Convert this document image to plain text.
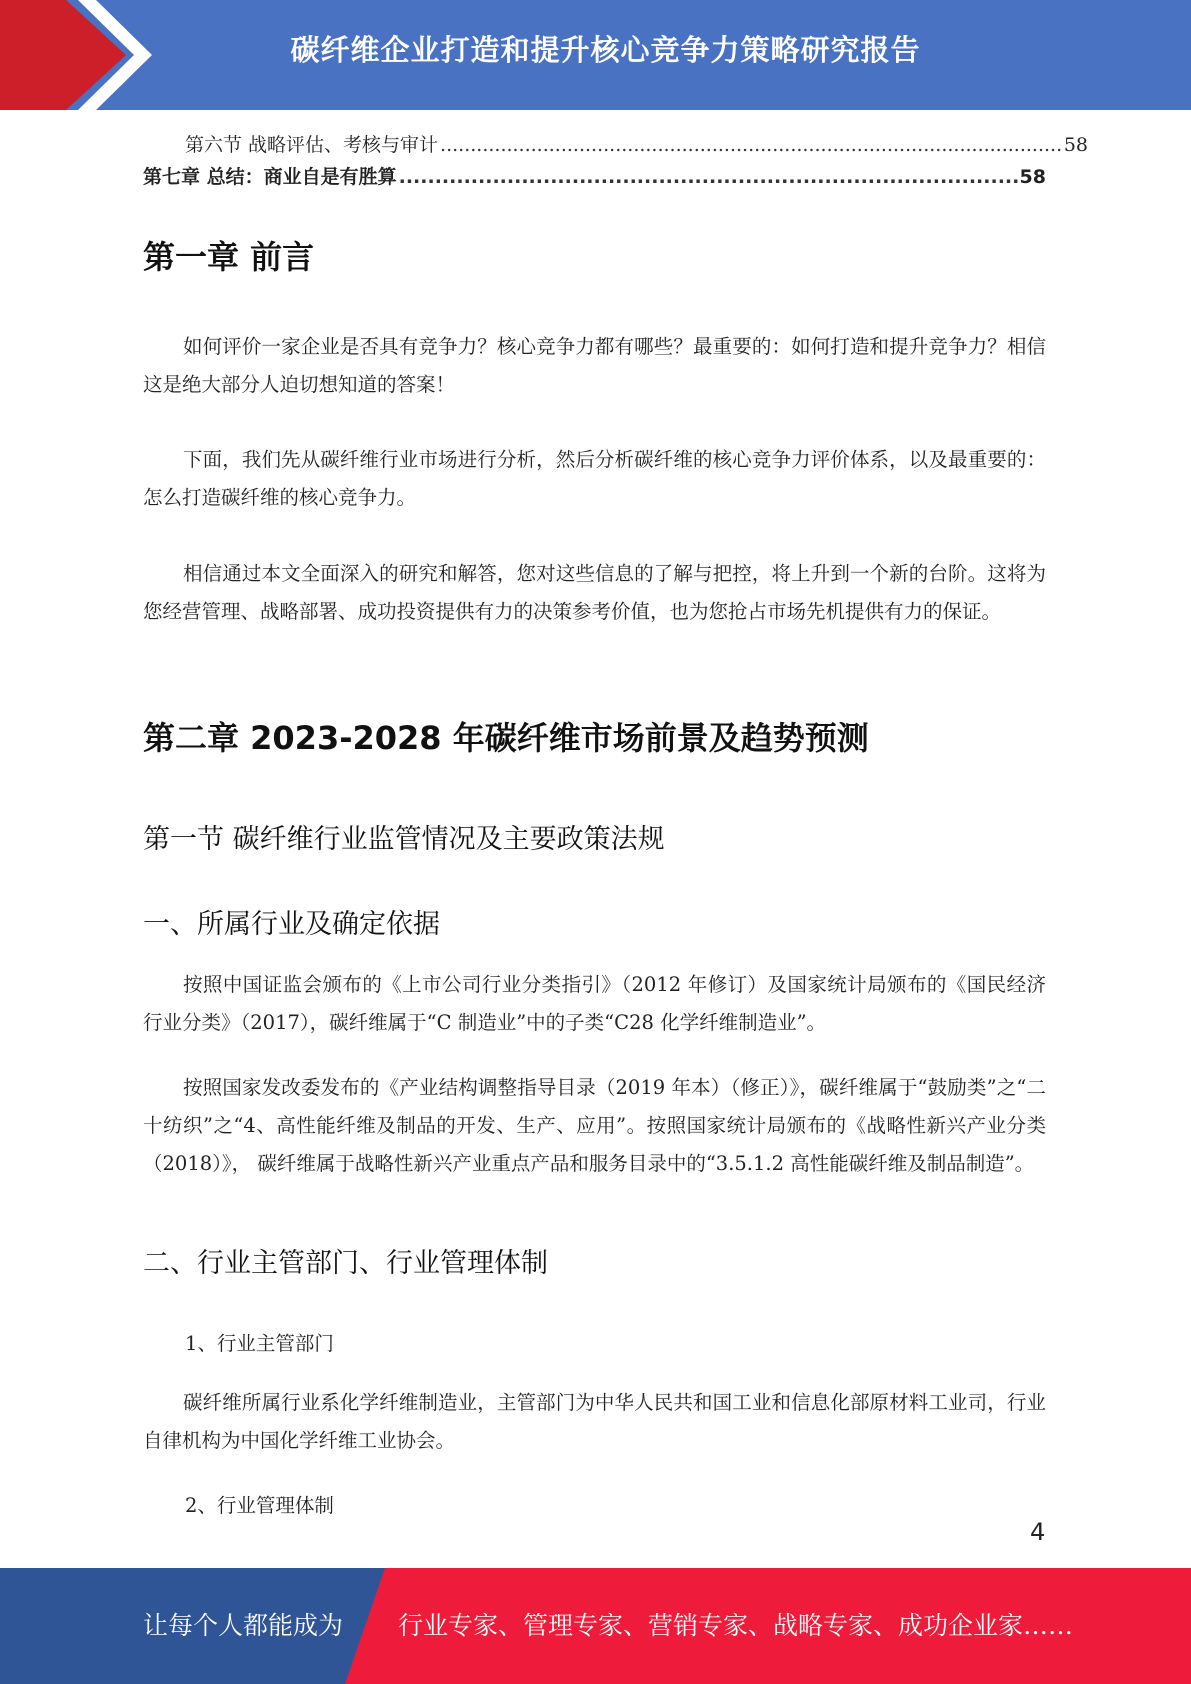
碳纤维企业打造和提升核心竞争力策略研究报告
第六节 战略评估、考核与审计 .....	58
第七章 总结：商业自是有胜算 .....	58
第一章 前言
如何评价一家企业是否具有竞争力？核心竞争力都有哪些？最重要的：如何打造和提升竞争力？相信这是绝大部分人迫切想知道的答案！
下面，我们先从碳纤维行业市场进行分析，然后分析碳纤维的核心竞争力评价体系，以及最重要的：怎么打造碳纤维的核心竞争力。
相信通过本文全面深入的研究和解答，您对这些信息的了解与把控，将上升到一个新的台阶。这将为您经营管理、战略部署、成功投资提供有力的决策参考价值，也为您抢占市场先机提供有力的保证。
第二章 2023-2028 年碳纤维市场前景及趋势预测
第一节 碳纤维行业监管情况及主要政策法规
一、所属行业及确定依据
按照中国证监会颁布的《上市公司行业分类指引》（2012 年修订）及国家统计局颁布的《国民经济行业分类》（2017），碳纤维属于“C 制造业”中的子类“C28 化学纤维制造业”。
按照国家发改委发布的《产业结构调整指导目录（2019 年本）（修正）》，碳纤维属于“鼓励类”之“二十纺织”之“4、高性能纤维及制品的开发、生产、应用”。按照国家统计局颁布的《战略性新兴产业分类（2018）》， 碳纤维属于战略性新兴产业重点产品和服务目录中的“3.5.1.2 高性能碳纤维及制品制造”。
二、行业主管部门、行业管理体制
1、行业主管部门
碳纤维所属行业系化学纤维制造业，主管部门为中华人民共和国工业和信息化部原材料工业司，行业自律机构为中国化学纤维工业协会。
2、行业管理体制
4
让每个人都能成为 行业专家、管理专家、营销专家、战略专家、成功企业家……
